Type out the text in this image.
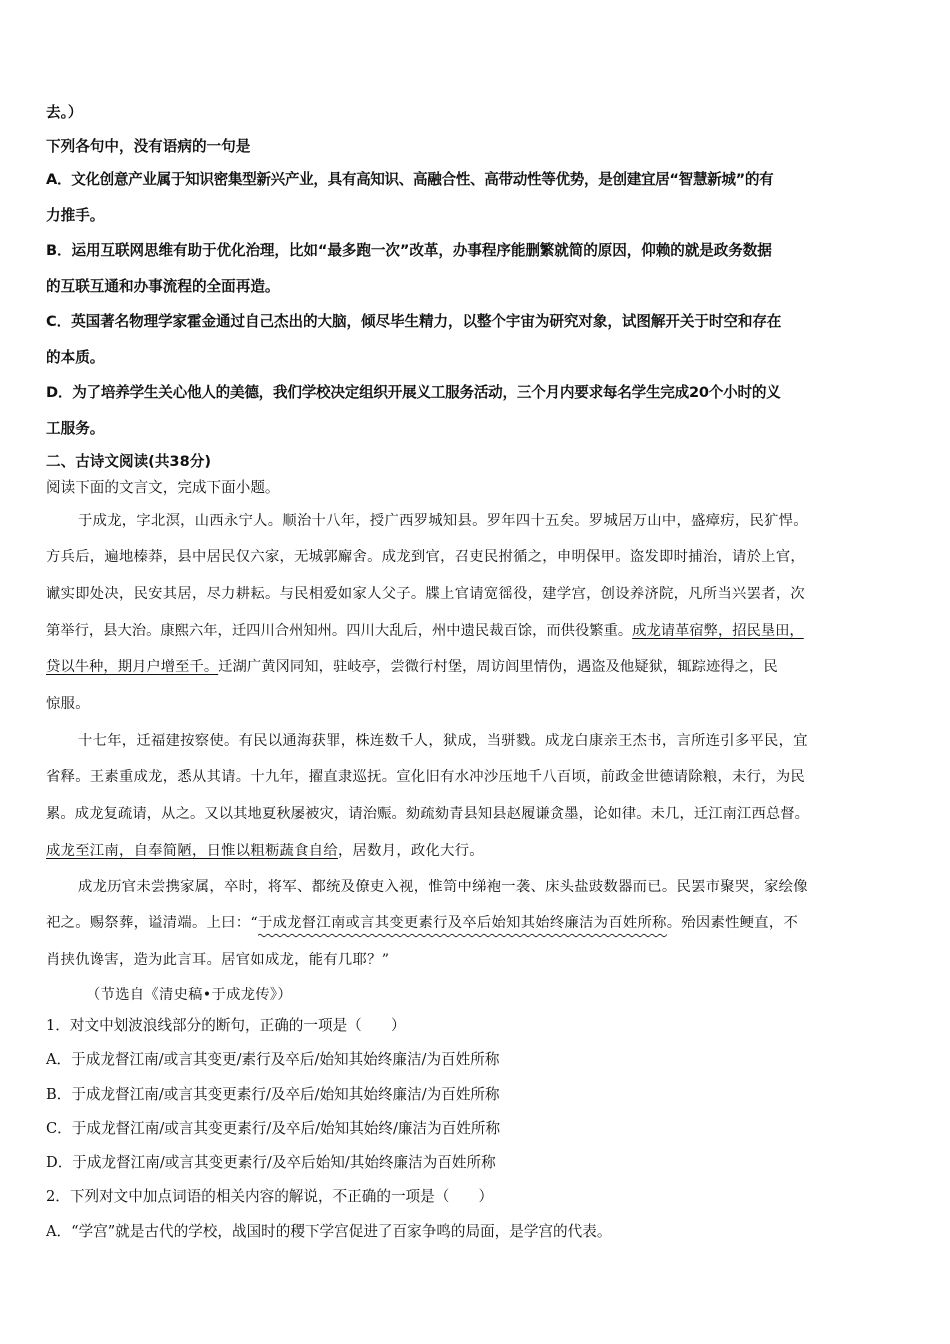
去。）
下列各句中，没有语病的一句是
A．文化创意产业属于知识密集型新兴产业，具有高知识、高融合性、高带动性等优势，是创建宜居“智慧新城”的有
力推手。
B．运用互联网思维有助于优化治理，比如“最多跑一次”改革，办事程序能删繁就简的原因，仰赖的就是政务数据
的互联互通和办事流程的全面再造。
C．英国著名物理学家霍金通过自己杰出的大脑，倾尽毕生精力，以整个宇宙为研究对象，试图解开关于时空和存在
的本质。
D．为了培养学生关心他人的美德，我们学校决定组织开展义工服务活动，三个月内要求每名学生完成20个小时的义
工服务。
二、古诗文阅读(共38分)
阅读下面的文言文，完成下面小题。
于成龙，字北溟，山西永宁人。顺治十八年，授广西罗城知县。罗年四十五矣。罗城居万山中，盛瘴疠，民犷悍。
方兵后，遍地榛莽，县中居民仅六家，无城郭廨舍。成龙到官，召吏民拊循之，申明保甲。盗发即时捕治，请於上官，
谳实即处决，民安其居，尽力耕耘。与民相爱如家人父子。牒上官请宽徭役，建学宫，创设养济院，凡所当兴罢者，次
第举行，县大治。康熙六年，迁四川合州知州。四川大乱后，州中遗民裁百馀，而供役繁重。成龙请革宿弊，招民垦田，
贷以牛种，期月户增至千。迁湖广黄冈同知，驻岐亭，尝微行村堡，周访闾里情伪，遇盗及他疑狱，辄踪迹得之，民
惊服。
十七年，迁福建按察使。有民以通海获罪，株连数千人，狱成，当骈戮。成龙白康亲王杰书，言所连引多平民，宜
省释。王素重成龙，悉从其请。十九年，擢直隶巡抚。宣化旧有水冲沙压地千八百顷，前政金世德请除粮，未行，为民
累。成龙复疏请，从之。又以其地夏秋屡被灾，请治赈。劾疏劾青县知县赵履谦贪墨，论如律。未几，迁江南江西总督。
成龙至江南，自奉简陋，日惟以粗粝蔬食自给，居数月，政化大行。
成龙历官未尝携家属，卒时，将军、都统及僚吏入视，惟笥中绨袍一袭、床头盐豉数器而已。民罢市聚哭，家绘像
祀之。赐祭葬，谥清端。上曰：“于成龙督江南或言其变更素行及卒后始知其始终廉洁为百姓所称
。殆因素性鲠直，不
肖挟仇谗害，造为此言耳。居官如成龙，能有几耶？”
（节选自《清史稿•于成龙传》）
1．对文中划波浪线部分的断句，正确的一项是（　　）
A．于成龙督江南/或言其变更/素行及卒后/始知其始终廉洁/为百姓所称
B．于成龙督江南/或言其变更素行/及卒后/始知其始终廉洁/为百姓所称
C．于成龙督江南/或言其变更素行/及卒后/始知其始终/廉洁为百姓所称
D．于成龙督江南/或言其变更素行/及卒后始知/其始终廉洁为百姓所称
2．下列对文中加点词语的相关内容的解说，不正确的一项是（　　）
A．“学宫”就是古代的学校，战国时的稷下学宫促进了百家争鸣的局面，是学宫的代表。
